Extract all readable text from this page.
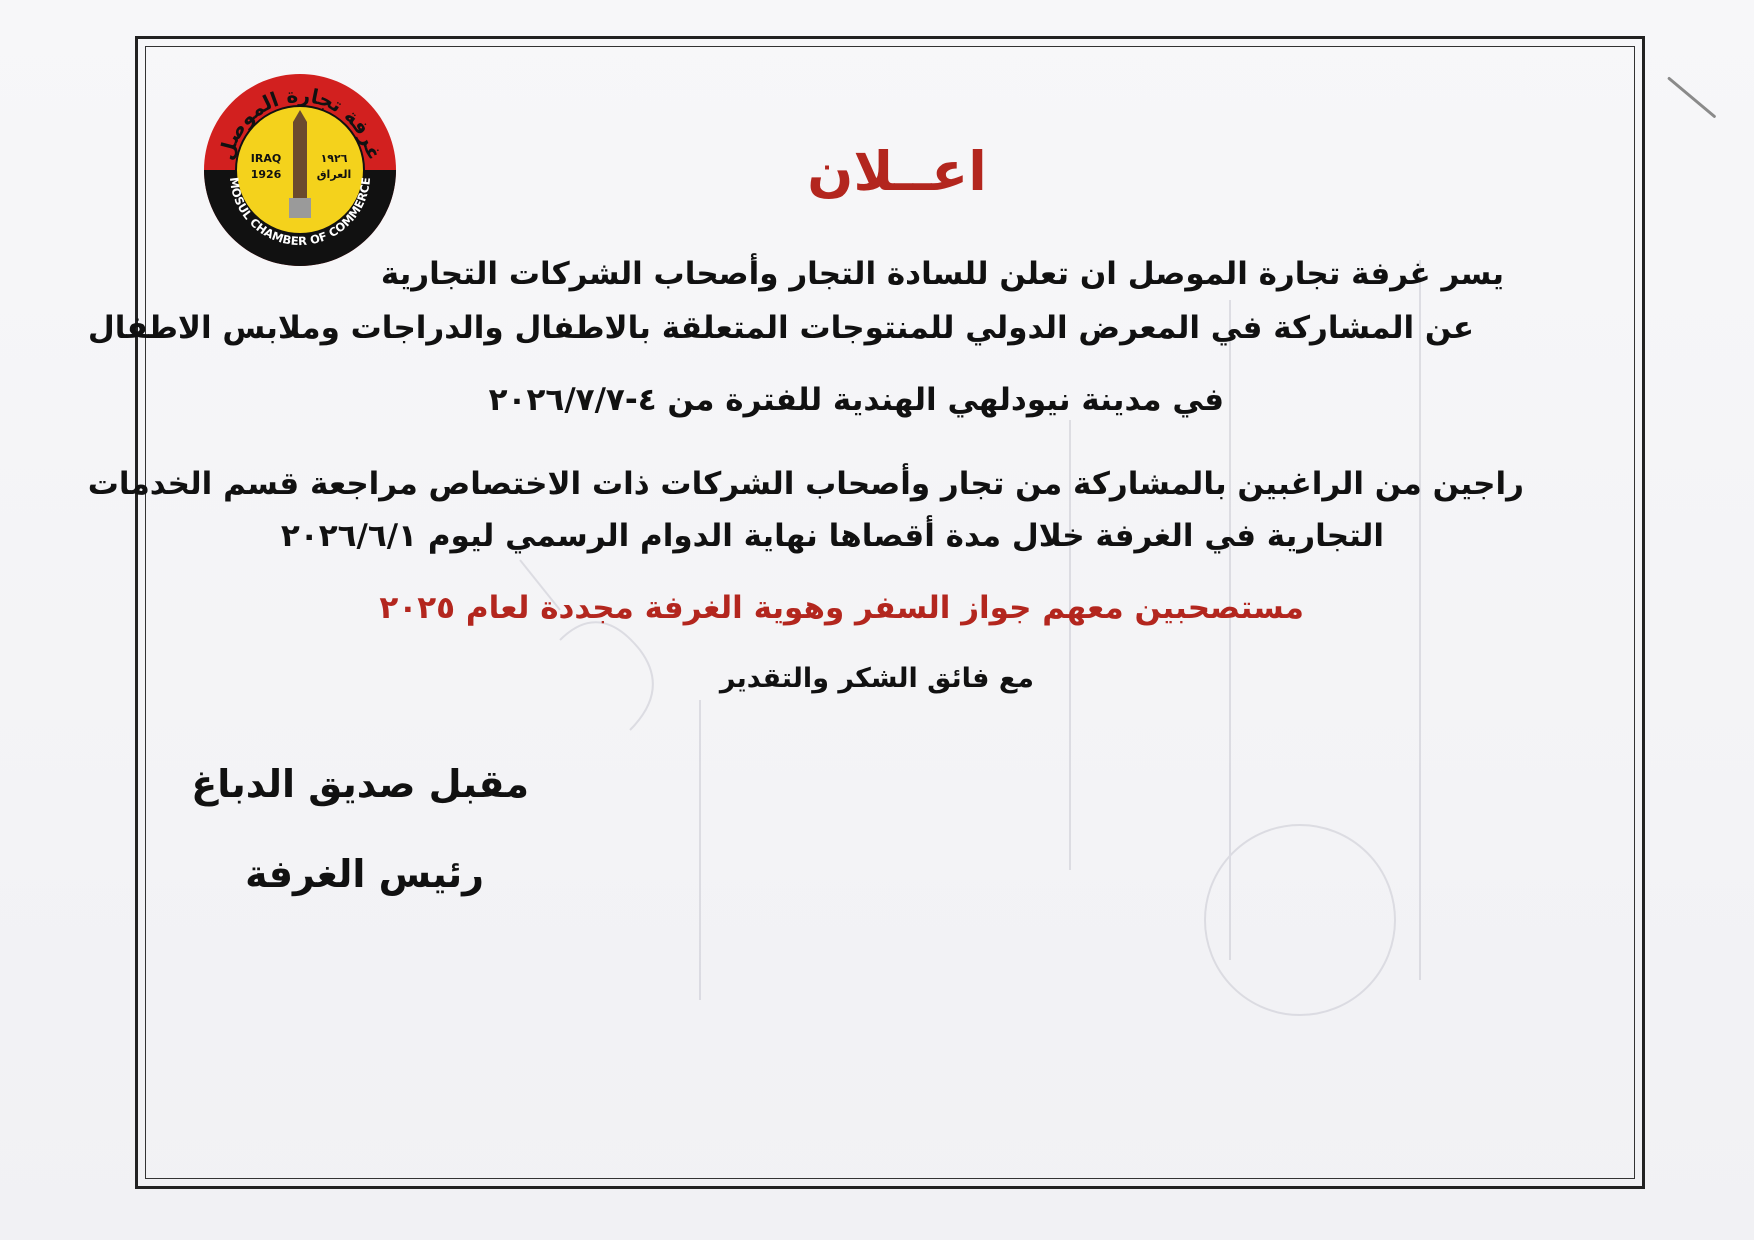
غرفة تجارة الموصل
MOSUL CHAMBER OF COMMERCE
IRAQ
1926
١٩٢٦
العراق	اعــلان
يسر غرفة تجارة الموصل ان تعلن للسادة التجار وأصحاب الشركات التجارية
عن المشاركة في المعرض الدولي للمنتوجات المتعلقة بالاطفال والدراجات وملابس الاطفال
في مدينة نيودلهي الهندية للفترة من ٤-٢٠٢٦/٧/٧
راجين من الراغبين بالمشاركة من تجار وأصحاب الشركات ذات الاختصاص مراجعة قسم الخدمات
التجارية في الغرفة خلال مدة أقصاها نهاية الدوام الرسمي ليوم ٢٠٢٦/٦/١
مستصحبين معهم جواز السفر وهوية الغرفة مجددة لعام ٢٠٢٥
مع فائق الشكر والتقدير
مقبل صديق الدباغ
رئيس الغرفة
